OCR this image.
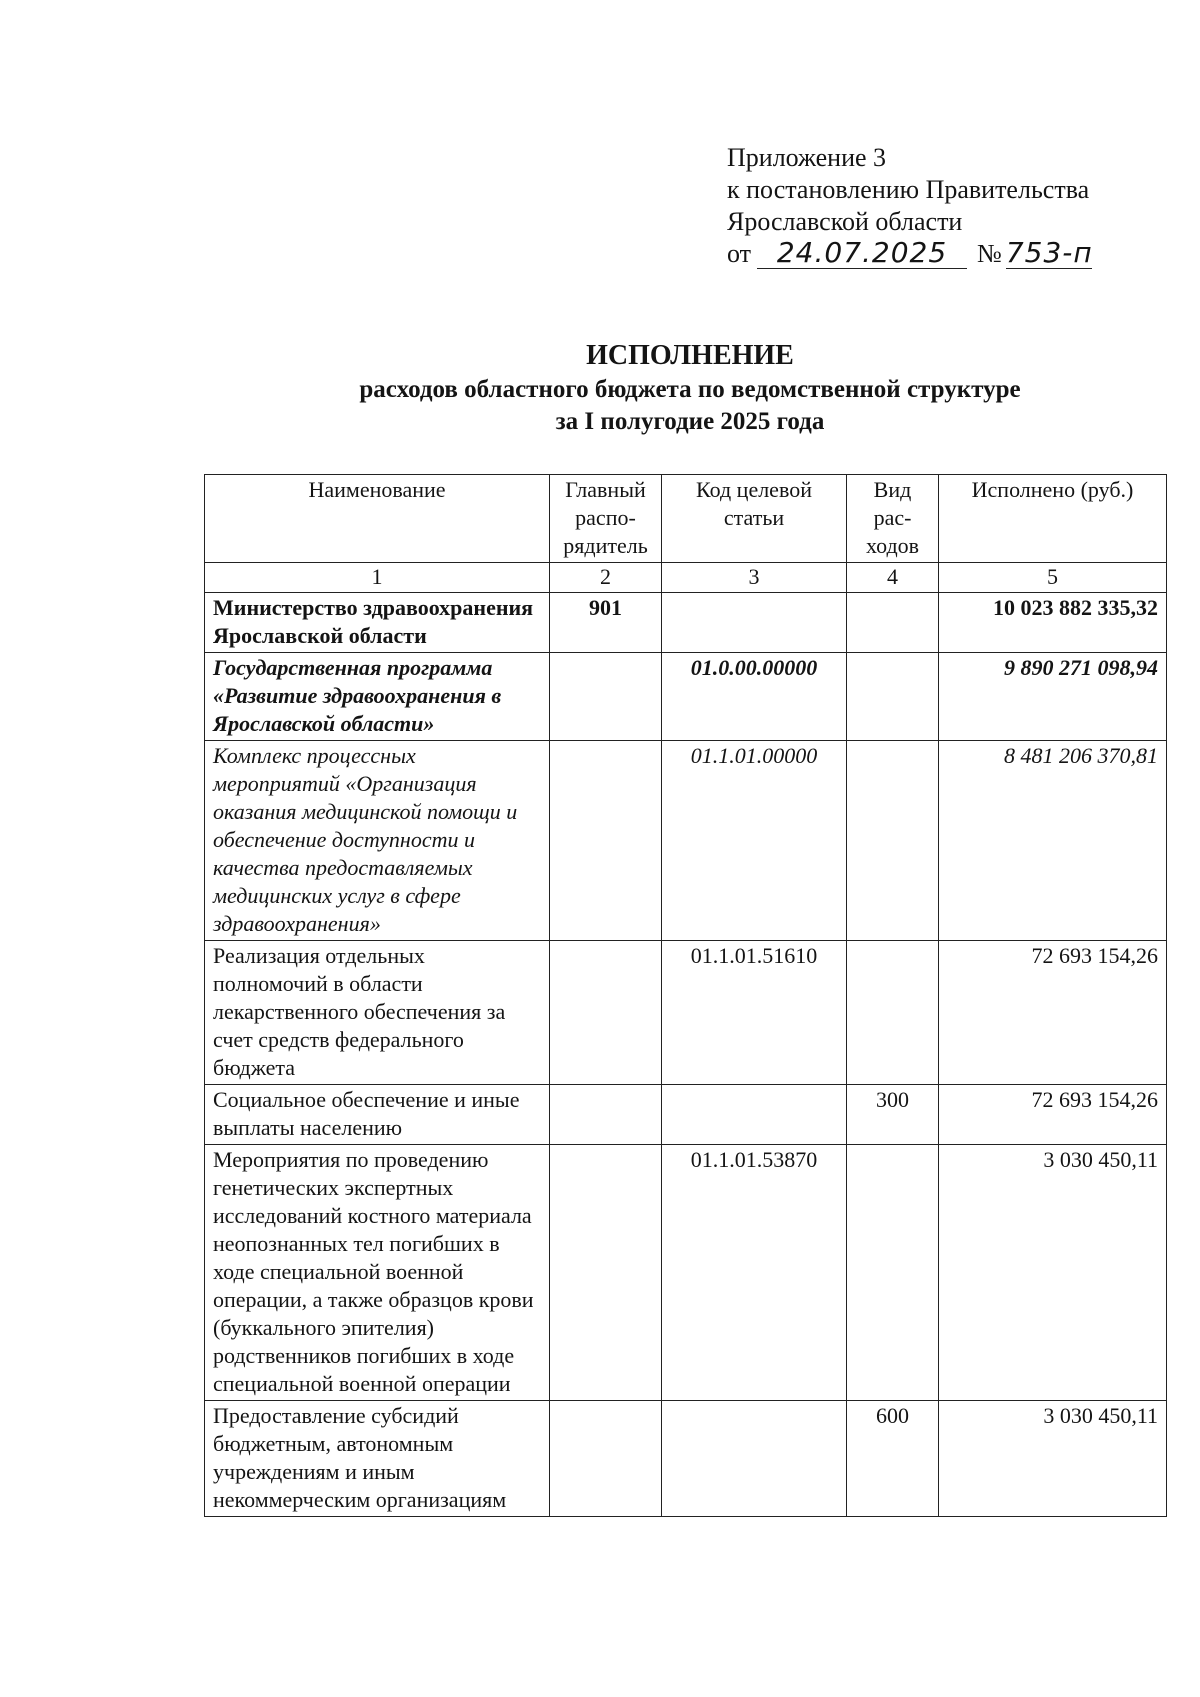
Приложение 3
к постановлению Правительства
Ярославской области
от 24.07.2025 № 753-п
ИСПОЛНЕНИЕ
расходов областного бюджета по ведомственной структуре
за I полугодие 2025 года
Наименование	Главный распо-рядитель	Код целевой статьи	Вид рас-ходов	Исполнено (руб.)
1	2	3	4	5
Министерство здравоохранения Ярославской области	901			10 023 882 335,32
Государственная программа «Развитие здравоохранения в Ярославской области»		01.0.00.00000		9 890 271 098,94
Комплекс процессных мероприятий «Организация оказания медицинской помощи и обеспечение доступности и качества предоставляемых медицинских услуг в сфере здравоохранения»		01.1.01.00000		8 481 206 370,81
Реализация отдельных полномочий в области лекарственного обеспечения за счет средств федерального бюджета		01.1.01.51610		72 693 154,26
Социальное обеспечение и иные выплаты населению			300	72 693 154,26
Мероприятия по проведению генетических экспертных исследований костного материала неопознанных тел погибших в ходе специальной военной операции, а также образцов крови (буккального эпителия) родственников погибших в ходе специальной военной операции		01.1.01.53870		3 030 450,11
Предоставление субсидий бюджетным, автономным учреждениям и иным некоммерческим организациям			600	3 030 450,11
